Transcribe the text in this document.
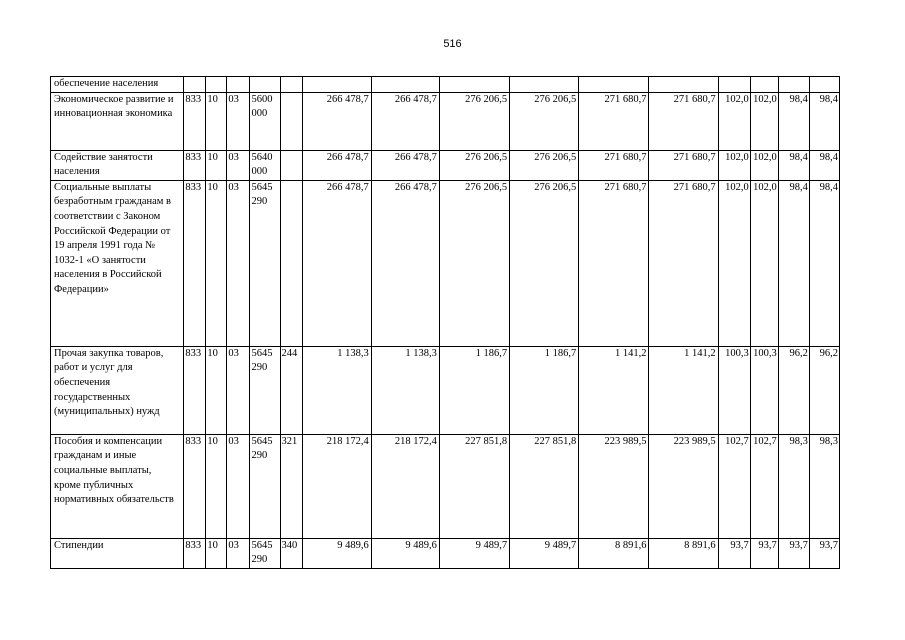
516
обеспечение населения															
Экономическое развитие и инновационная экономика	833	10	03	5600 000		266 478,7	266 478,7	276 206,5	276 206,5	271 680,7	271 680,7	102,0	102,0	98,4	98,4
Содействие занятости населения	833	10	03	5640 000		266 478,7	266 478,7	276 206,5	276 206,5	271 680,7	271 680,7	102,0	102,0	98,4	98,4
Социальные выплаты безработным гражданам в соответствии с Законом Российской Федерации от 19 апреля 1991 года № 1032-1 «О занятости населения в Российской Федерации»	833	10	03	5645 290		266 478,7	266 478,7	276 206,5	276 206,5	271 680,7	271 680,7	102,0	102,0	98,4	98,4
Прочая закупка товаров, работ и услуг для обеспечения государственных (муниципальных) нужд	833	10	03	5645 290	244	1 138,3	1 138,3	1 186,7	1 186,7	1 141,2	1 141,2	100,3	100,3	96,2	96,2
Пособия и компенсации гражданам и иные социальные выплаты, кроме публичных нормативных обязательств	833	10	03	5645 290	321	218 172,4	218 172,4	227 851,8	227 851,8	223 989,5	223 989,5	102,7	102,7	98,3	98,3
Стипендии	833	10	03	5645 290	340	9 489,6	9 489,6	9 489,7	9 489,7	8 891,6	8 891,6	93,7	93,7	93,7	93,7
